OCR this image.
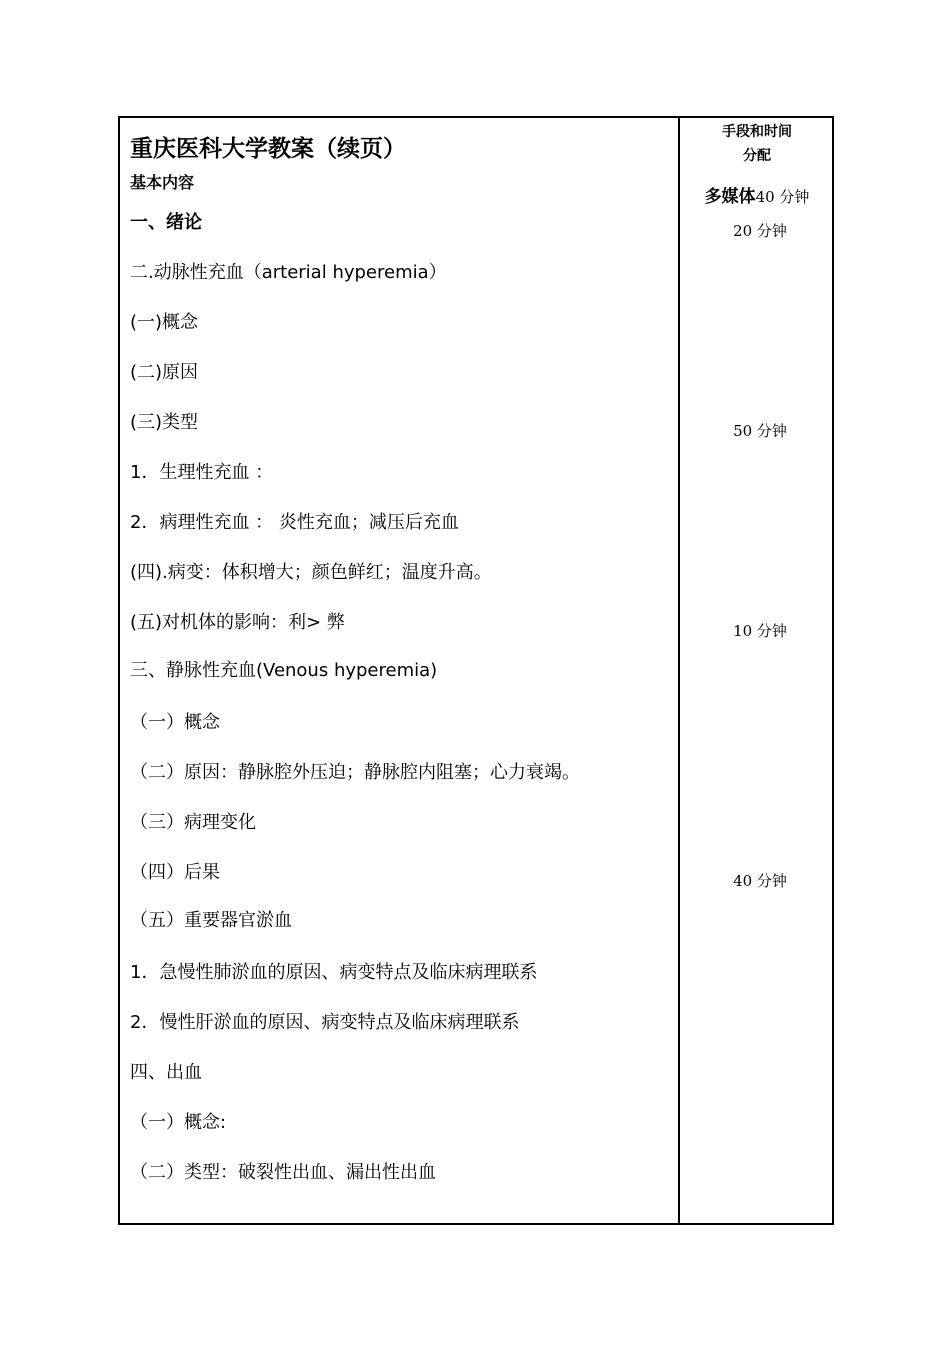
重庆医科大学教案（续页）
基本内容
一、绪论
二.动脉性充血（arterial hyperemia）
(一)概念
(二)原因
(三)类型
1．生理性充血 ：
2．病理性充血 ： 炎性充血；减压后充血
(四).病变：体积增大；颜色鲜红；温度升高。
(五)对机体的影响：利> 弊
三、静脉性充血(Venous hyperemia)
（一）概念
（二）原因：静脉腔外压迫；静脉腔内阻塞；心力衰竭。
（三）病理变化
（四）后果
（五）重要器官淤血
1．急慢性肺淤血的原因、病变特点及临床病理联系
2．慢性肝淤血的原因、病变特点及临床病理联系
四、出血
（一）概念:
（二）类型：破裂性出血、漏出性出血
手段和时间
分配
多媒体40 分钟
20 分钟
50 分钟
10 分钟
40 分钟
